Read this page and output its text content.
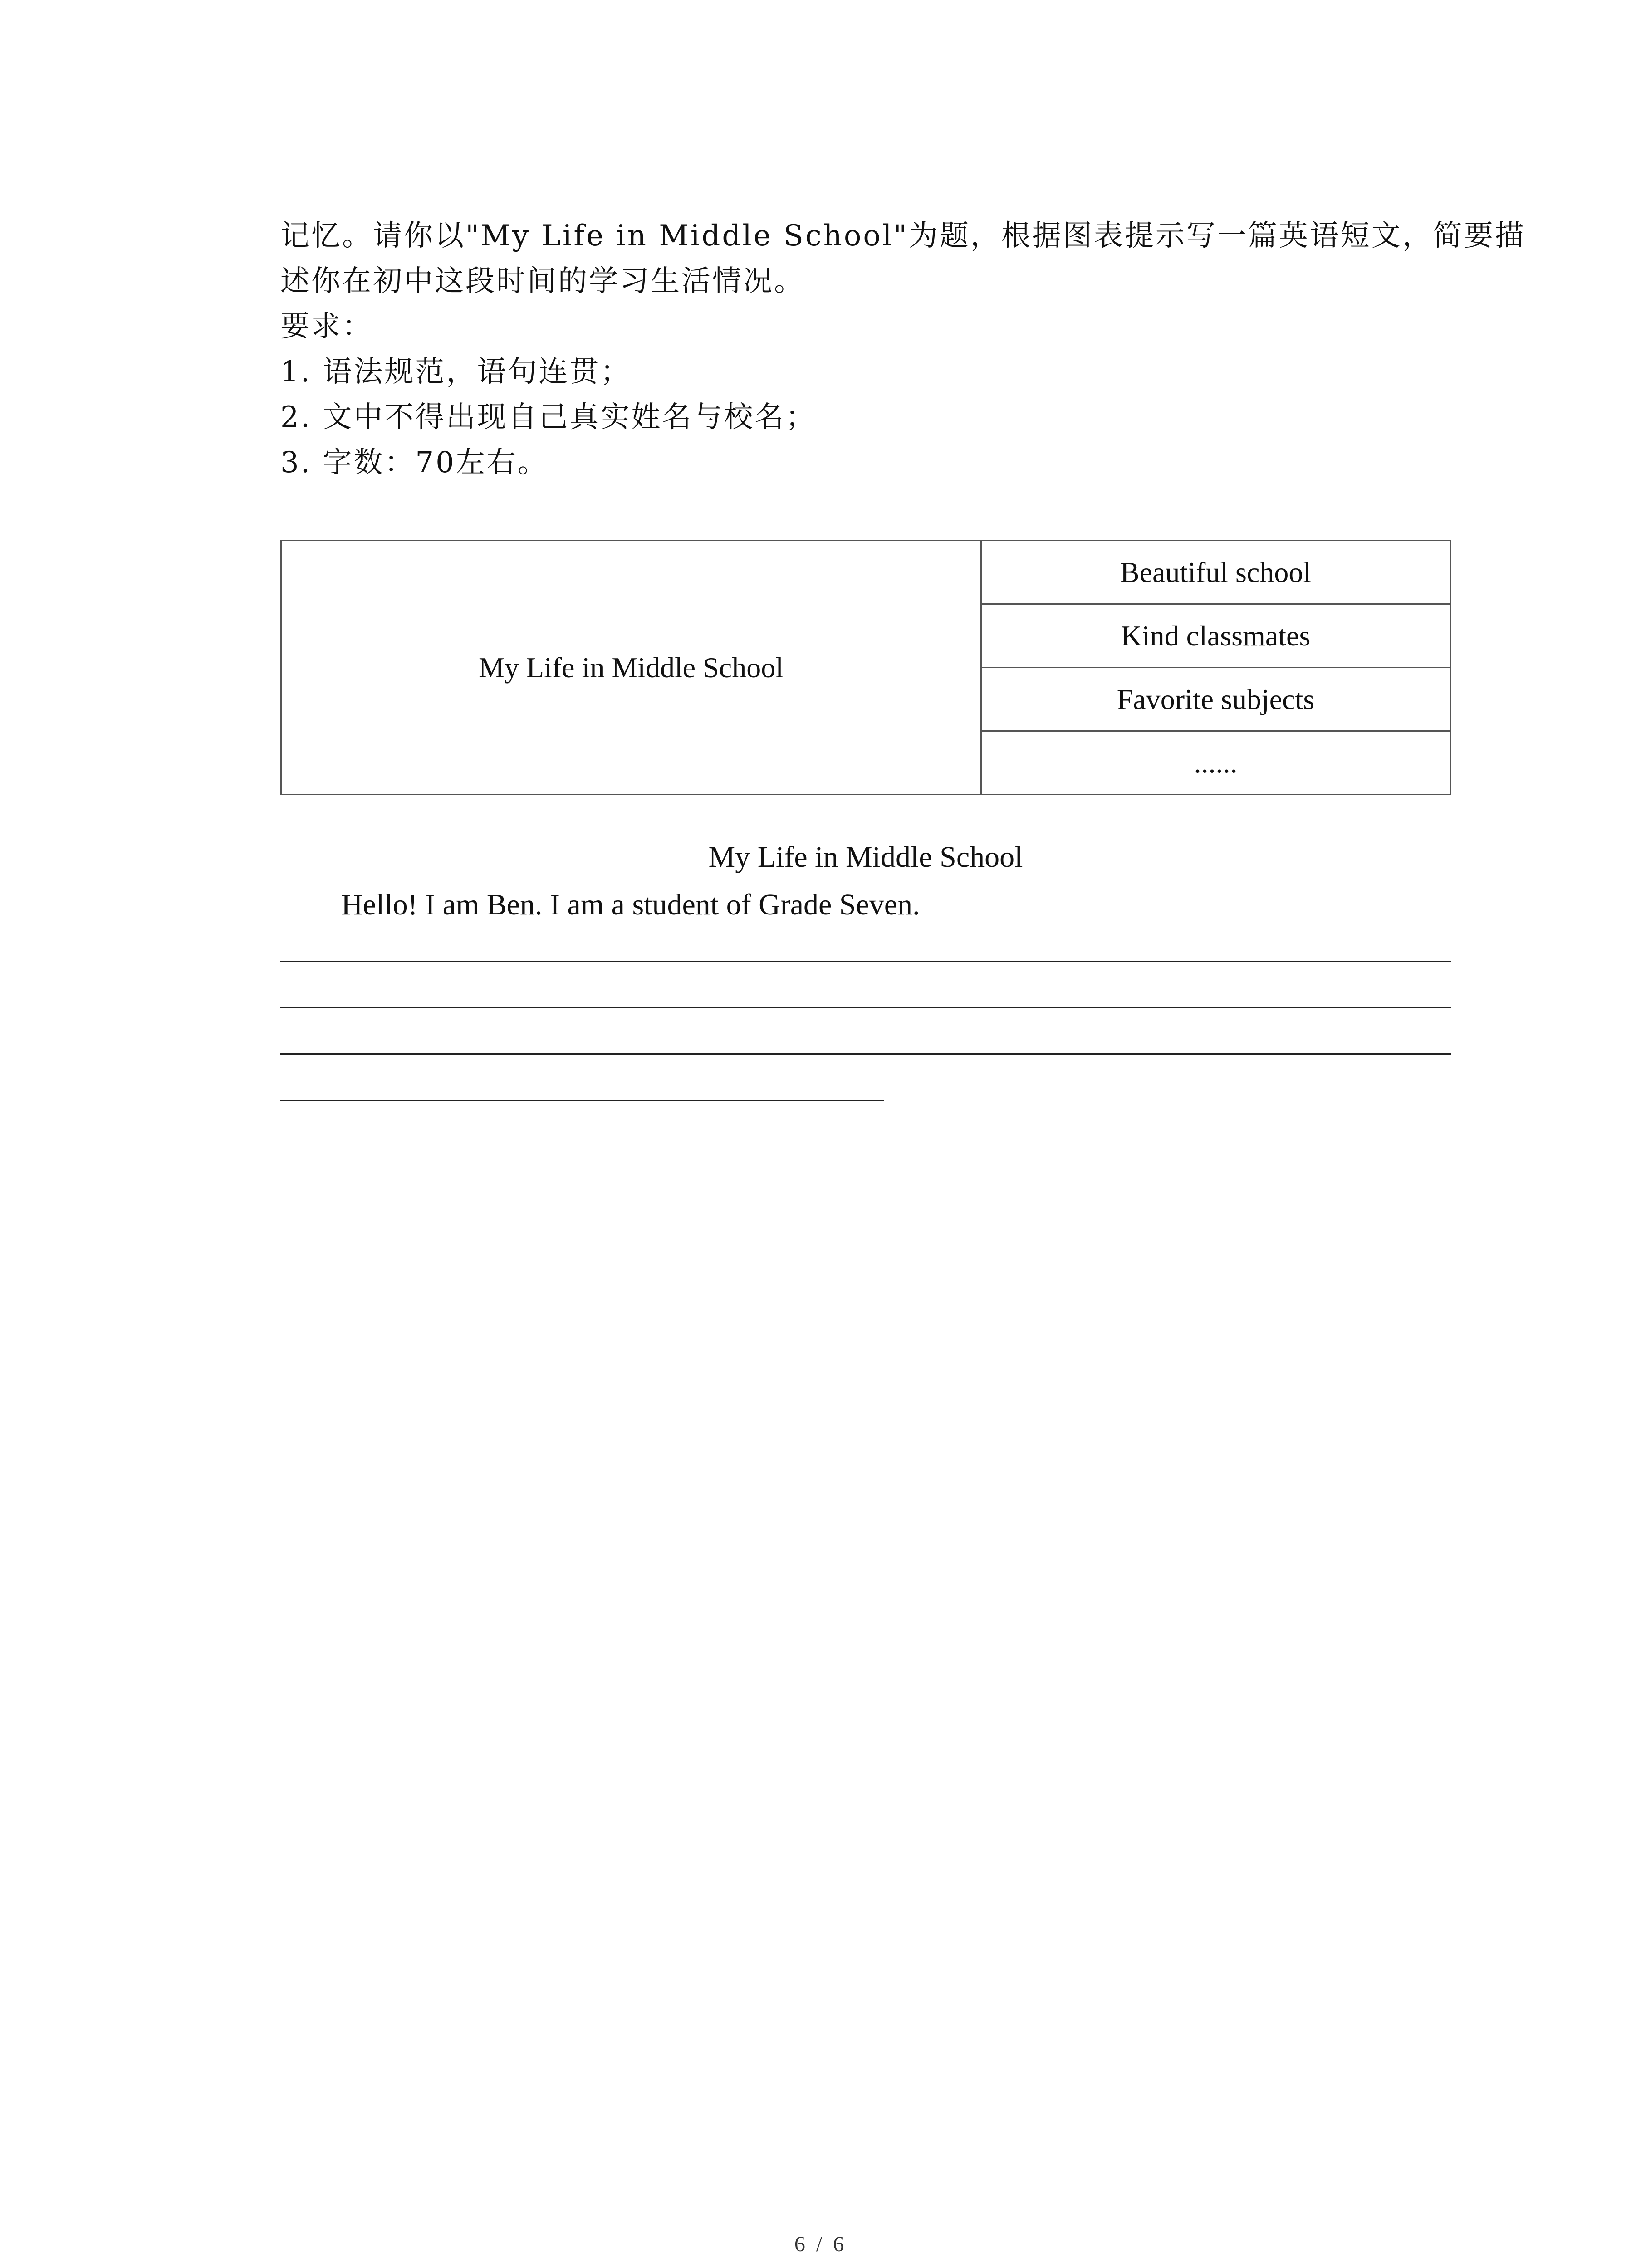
记忆。请你以"My Life in Middle School"为题，根据图表提示写一篇英语短文，简要描

述你在初中这段时间的学习生活情况。

要求：

1. 语法规范，语句连贯；

2. 文中不得出现自己真实姓名与校名；

3. 字数：70左右。

My Life in Middle School	Beautiful school
Kind classmates
Favorite subjects
......
My Life in Middle School
Hello! I am Ben. I am a student of Grade Seven.
6 / 6
